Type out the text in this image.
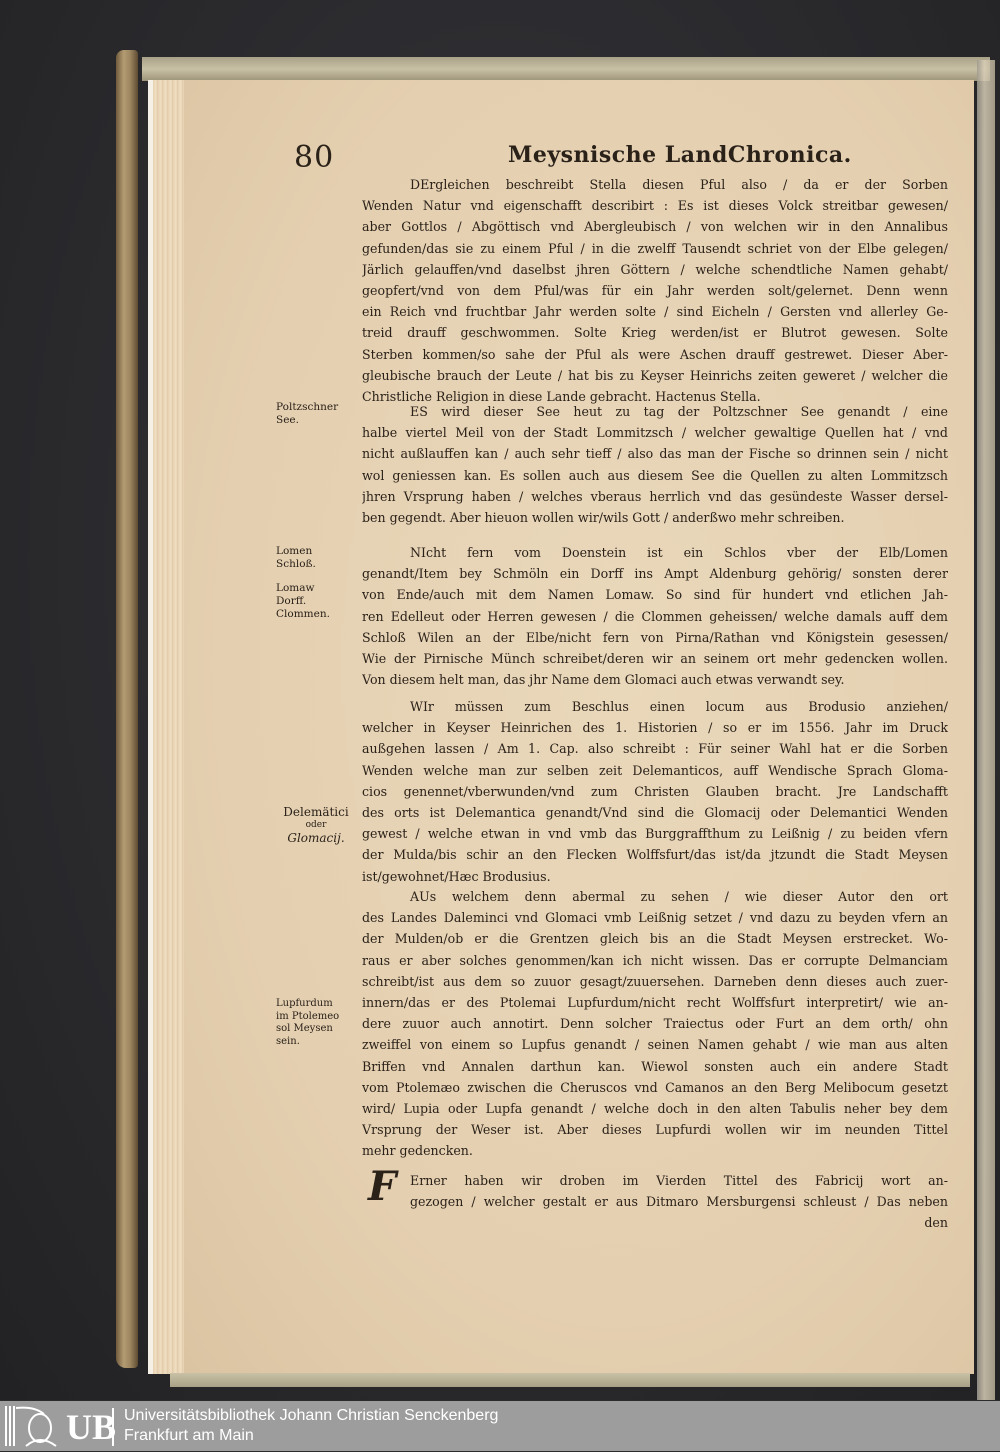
80	Meysnische LandChronica.
DErgleichen beschreibt Stella diesen Pful also / da er der Sorben
Wenden Natur vnd eigenschafft describirt : Es ist dieses Volck streitbar gewesen/
aber Gottlos / Abgöttisch vnd Abergleubisch / von welchen wir in den Annalibus
gefunden/das sie zu einem Pful / in die zwelff Tausendt schriet von der Elbe gelegen/
Järlich gelauffen/vnd daselbst jhren Göttern / welche schendtliche Namen gehabt/
geopfert/vnd von dem Pful/was für ein Jahr werden solt/gelernet. Denn wenn
ein Reich vnd fruchtbar Jahr werden solte / sind Eicheln / Gersten vnd allerley Ge-
treid drauff geschwommen. Solte Krieg werden/ist er Blutrot gewesen. Solte
Sterben kommen/so sahe der Pful als were Aschen drauff gestrewet. Dieser Aber-
gleubische brauch der Leute / hat bis zu Keyser Heinrichs zeiten geweret / welcher die
Christliche Religion in diese Lande gebracht. Hactenus Stella.
ES wird dieser See heut zu tag der Poltzschner See genandt / eine
halbe viertel Meil von der Stadt Lommitzsch / welcher gewaltige Quellen hat / vnd
nicht außlauffen kan / auch sehr tieff / also das man der Fische so drinnen sein / nicht
wol geniessen kan. Es sollen auch aus diesem See die Quellen zu alten Lommitzsch
jhren Vrsprung haben / welches vberaus herrlich vnd das gesündeste Wasser dersel-
ben gegendt. Aber hieuon wollen wir/wils Gott / anderßwo mehr schreiben.
NIcht fern vom Doenstein ist ein Schlos vber der Elb/Lomen
genandt/Item bey Schmöln ein Dorff ins Ampt Aldenburg gehörig/ sonsten derer
von Ende/auch mit dem Namen Lomaw. So sind für hundert vnd etlichen Jah-
ren Edelleut oder Herren gewesen / die Clommen geheissen/ welche damals auff dem
Schloß Wilen an der Elbe/nicht fern von Pirna/Rathan vnd Königstein gesessen/
Wie der Pirnische Münch schreibet/deren wir an seinem ort mehr gedencken wollen.
Von diesem helt man, das jhr Name dem Glomaci auch etwas verwandt sey.
WIr müssen zum Beschlus einen locum aus Brodusio anziehen/
welcher in Keyser Heinrichen des 1. Historien / so er im 1556. Jahr im Druck
außgehen lassen / Am 1. Cap. also schreibt : Für seiner Wahl hat er die Sorben
Wenden welche man zur selben zeit Delemanticos, auff Wendische Sprach Gloma-
cios genennet/vberwunden/vnd zum Christen Glauben bracht. Jre Landschafft
des orts ist Delemantica genandt/Vnd sind die Glomacij oder Delemantici Wenden
gewest / welche etwan in vnd vmb das Burggraffthum zu Leißnig / zu beiden vfern
der Mulda/bis schir an den Flecken Wolffsfurt/das ist/da jtzundt die Stadt Meysen
ist/gewohnet/Hæc Brodusius.
AUs welchem denn abermal zu sehen / wie dieser Autor den ort
des Landes Daleminci vnd Glomaci vmb Leißnig setzet / vnd dazu zu beyden vfern an
der Mulden/ob er die Grentzen gleich bis an die Stadt Meysen erstrecket. Wo-
raus er aber solches genommen/kan ich nicht wissen. Das er corrupte Delmanciam
schreibt/ist aus dem so zuuor gesagt/zuuersehen. Darneben denn dieses auch zuer-
innern/das er des Ptolemai Lupfurdum/nicht recht Wolffsfurt interpretirt/ wie an-
dere zuuor auch annotirt. Denn solcher Traiectus oder Furt an dem orth/ ohn
zweiffel von einem so Lupfus genandt / seinen Namen gehabt / wie man aus alten
Briffen vnd Annalen darthun kan. Wiewol sonsten auch ein andere Stadt
vom Ptolemæo zwischen die Cheruscos vnd Camanos an den Berg Melibocum gesetzt
wird/ Lupia oder Lupfa genandt / welche doch in den alten Tabulis neher bey dem
Vrsprung der Weser ist. Aber dieses Lupfurdi wollen wir im neunden Tittel
mehr gedencken.
F	Erner haben wir droben im Vierden Tittel des Fabricij wort an-
gezogen / welcher gestalt er aus Ditmaro Mersburgensi schleust / Das neben
den
Poltzschner
See.
Lomen
Schloß.
Lomaw
Dorff.
Clommen.
Delemätici
oder
Glomacij.
Lupfurdum
im Ptolemeo
sol Meysen
sein.
UB Universitätsbibliothek Johann Christian Senckenberg
Frankfurt am Main
